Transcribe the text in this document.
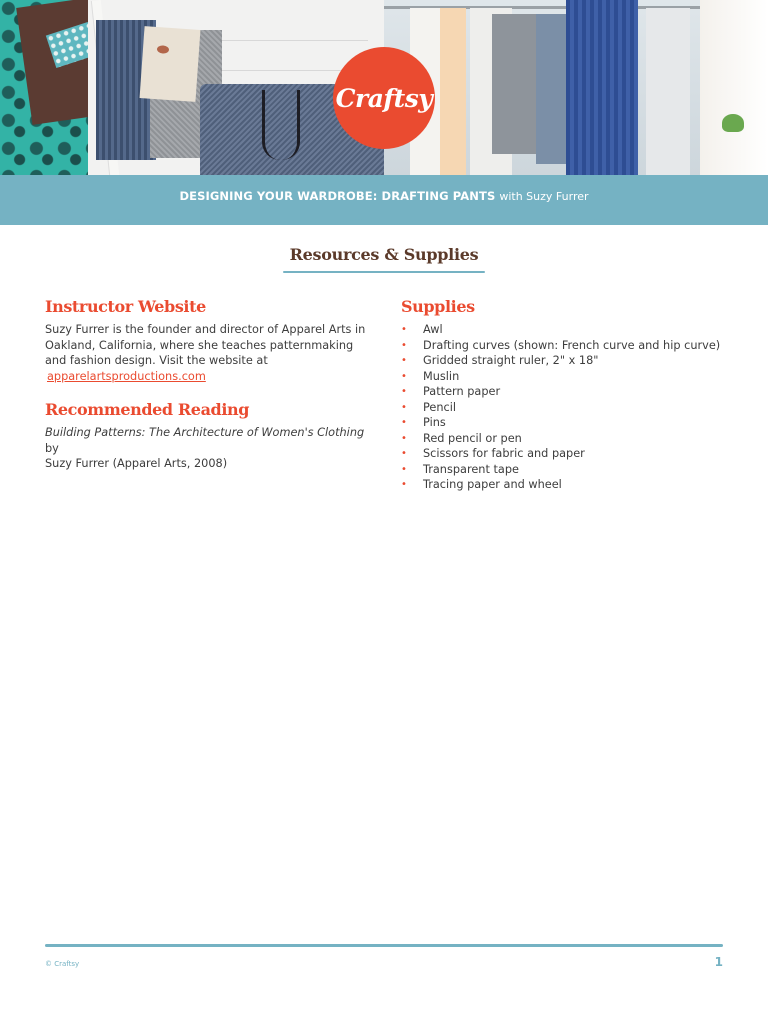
Craftsy
DESIGNING YOUR WARDROBE: DRAFTING PANTS with Suzy Furrer
Resources & Supplies
Instructor Website

Suzy Furrer is the founder and director of Apparel Arts in Oakland, California, where she teaches patternmaking and fashion design. Visit the website at
apparelartsproductions.com

Recommended Reading

Building Patterns: The Architecture of Women's Clothing by
Suzy Furrer (Apparel Arts, 2008)

Supplies
• Awl
• Drafting curves (shown: French curve and hip curve)
• Gridded straight ruler, 2" x 18"
• Muslin
• Pattern paper
• Pencil
• Pins
• Red pencil or pen
• Scissors for fabric and paper
• Transparent tape
• Tracing paper and wheel
© Craftsy	1
